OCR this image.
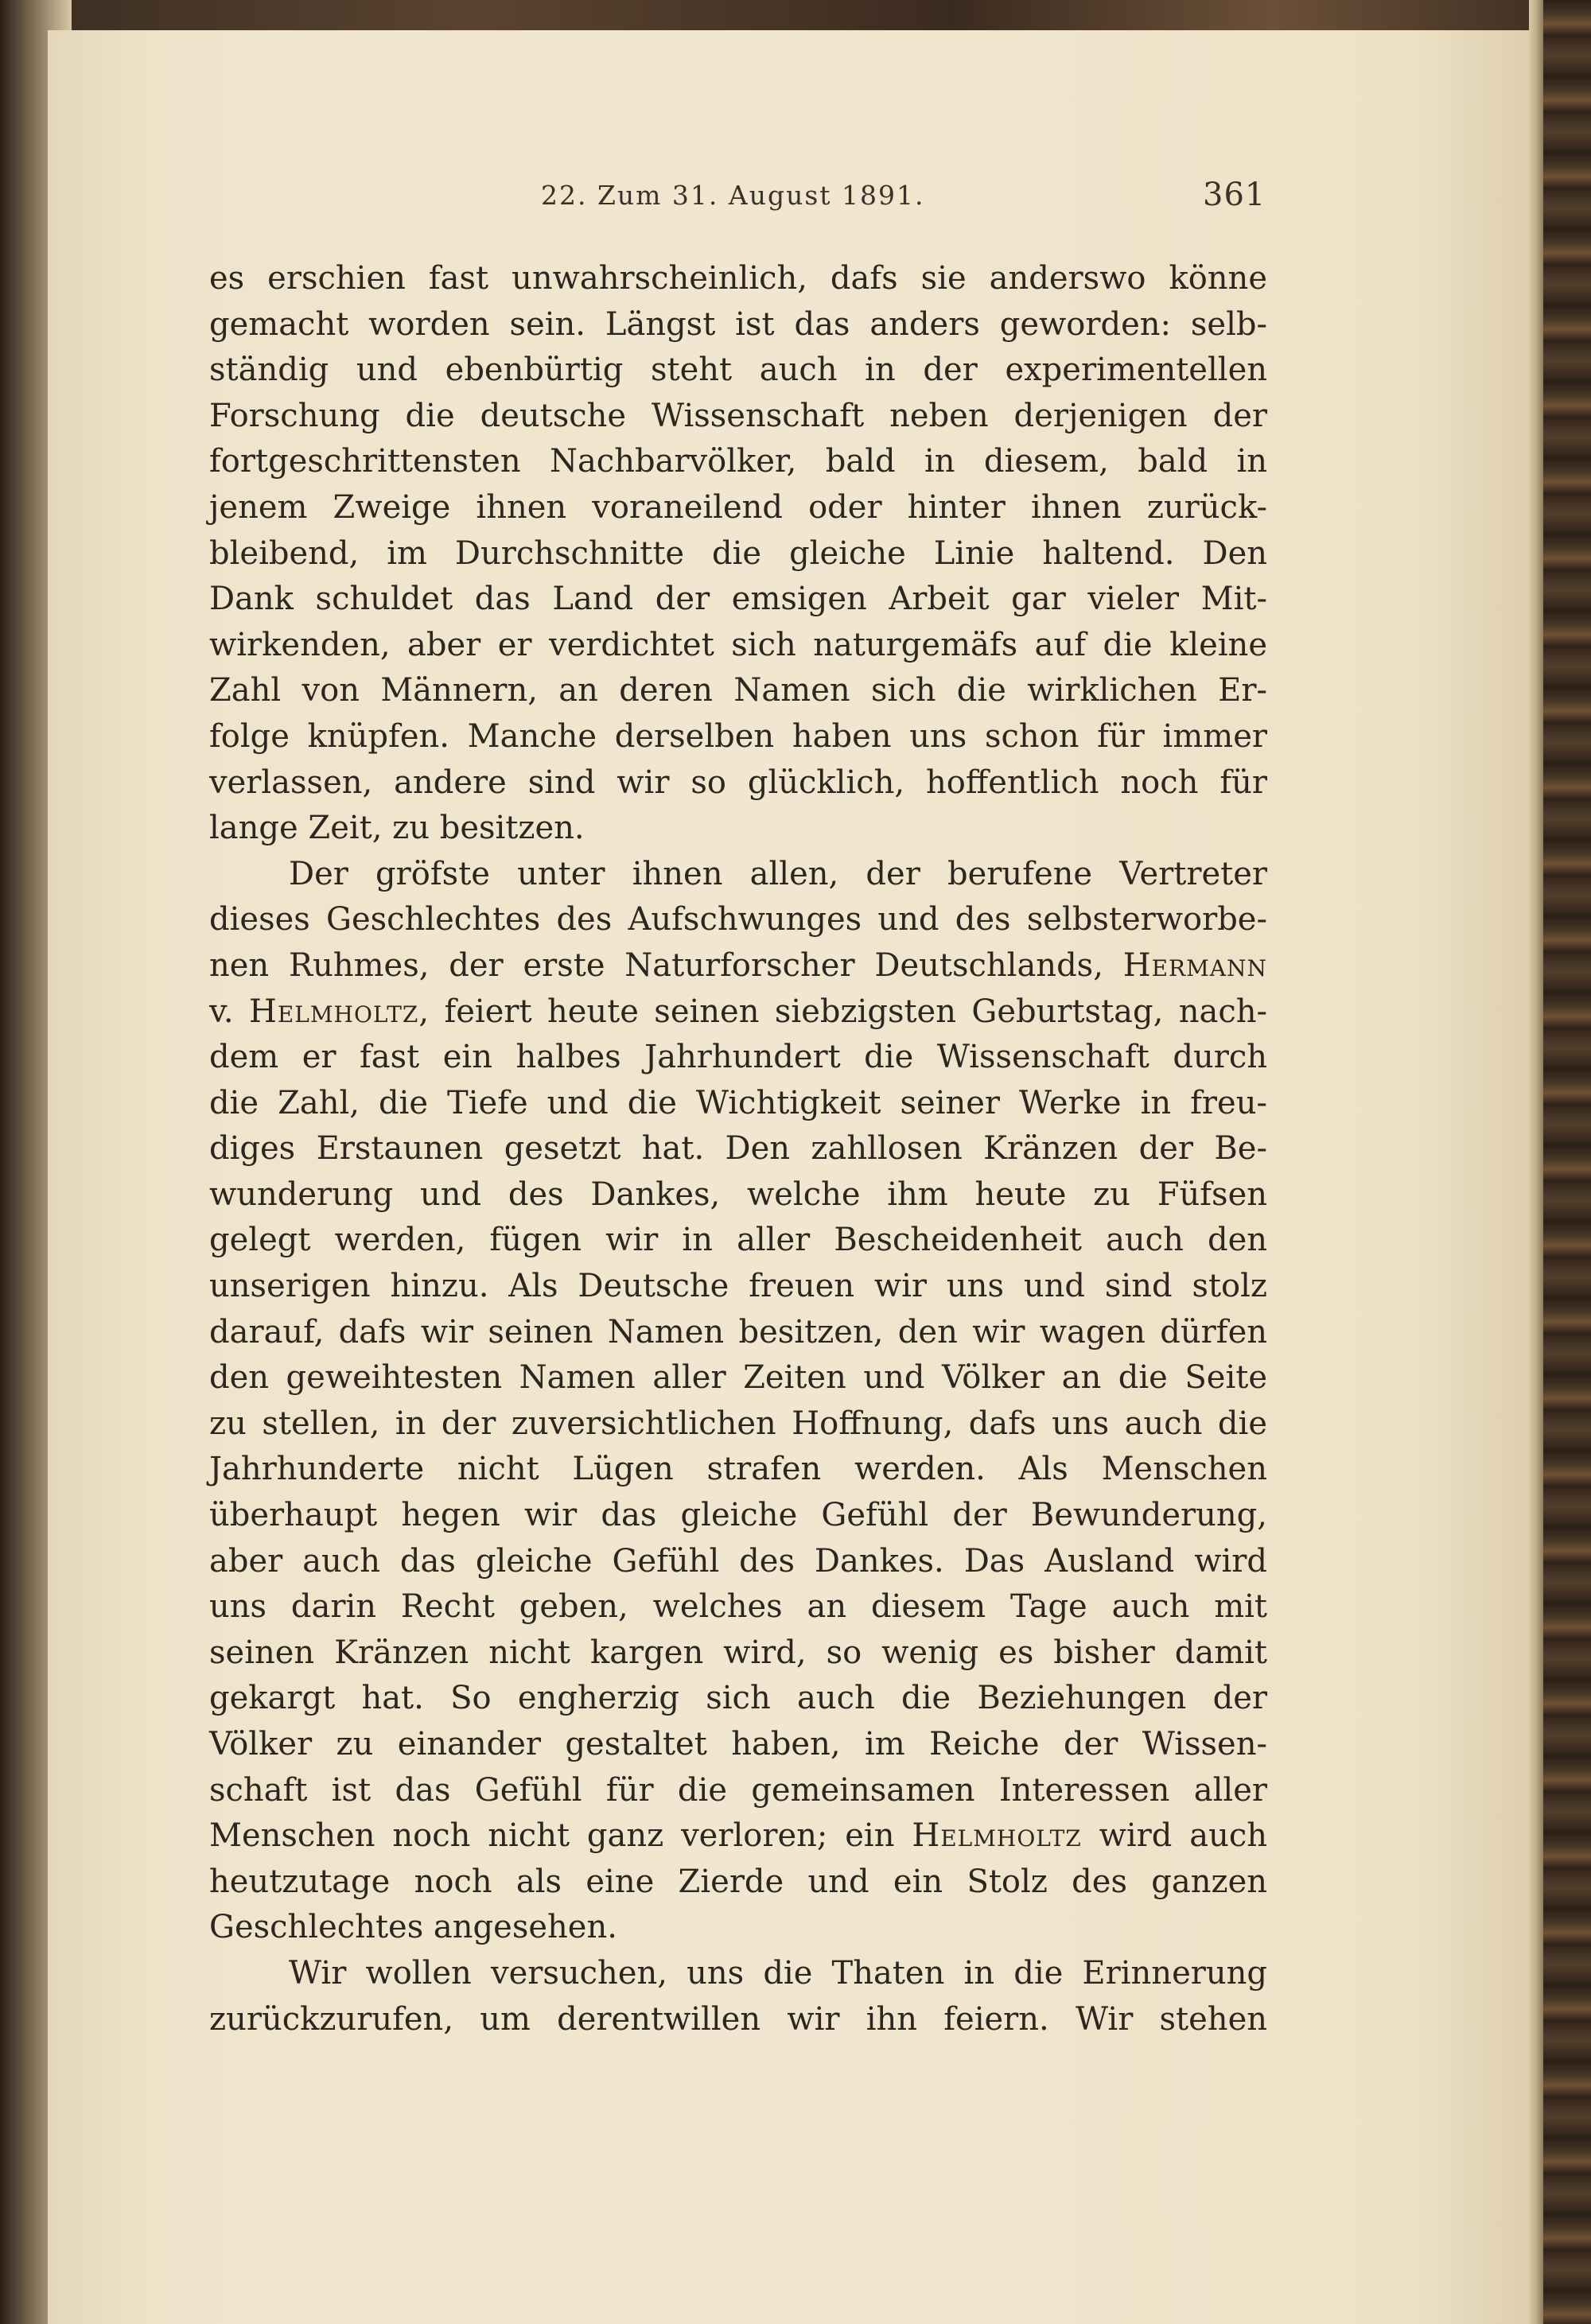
22. Zum 31. August 1891.	361
es erschien fast unwahrscheinlich, dafs sie anderswo könne
gemacht worden sein. Längst ist das anders geworden: selb-
ständig und ebenbürtig steht auch in der experimentellen
Forschung die deutsche Wissenschaft neben derjenigen der
fortgeschrittensten Nachbarvölker, bald in diesem, bald in
jenem Zweige ihnen voraneilend oder hinter ihnen zurück-
bleibend, im Durchschnitte die gleiche Linie haltend. Den
Dank schuldet das Land der emsigen Arbeit gar vieler Mit-
wirkenden, aber er verdichtet sich naturgemäfs auf die kleine
Zahl von Männern, an deren Namen sich die wirklichen Er-
folge knüpfen. Manche derselben haben uns schon für immer
verlassen, andere sind wir so glücklich, hoffentlich noch für
lange Zeit, zu besitzen.
Der gröfste unter ihnen allen, der berufene Vertreter
dieses Geschlechtes des Aufschwunges und des selbsterworbe-
nen Ruhmes, der erste Naturforscher Deutschlands, Hermann
v. Helmholtz, feiert heute seinen siebzigsten Geburtstag, nach-
dem er fast ein halbes Jahrhundert die Wissenschaft durch
die Zahl, die Tiefe und die Wichtigkeit seiner Werke in freu-
diges Erstaunen gesetzt hat. Den zahllosen Kränzen der Be-
wunderung und des Dankes, welche ihm heute zu Füfsen
gelegt werden, fügen wir in aller Bescheidenheit auch den
unserigen hinzu. Als Deutsche freuen wir uns und sind stolz
darauf, dafs wir seinen Namen besitzen, den wir wagen dürfen
den geweihtesten Namen aller Zeiten und Völker an die Seite
zu stellen, in der zuversichtlichen Hoffnung, dafs uns auch die
Jahrhunderte nicht Lügen strafen werden. Als Menschen
überhaupt hegen wir das gleiche Gefühl der Bewunderung,
aber auch das gleiche Gefühl des Dankes. Das Ausland wird
uns darin Recht geben, welches an diesem Tage auch mit
seinen Kränzen nicht kargen wird, so wenig es bisher damit
gekargt hat. So engherzig sich auch die Beziehungen der
Völker zu einander gestaltet haben, im Reiche der Wissen-
schaft ist das Gefühl für die gemeinsamen Interessen aller
Menschen noch nicht ganz verloren; ein Helmholtz wird auch
heutzutage noch als eine Zierde und ein Stolz des ganzen
Geschlechtes angesehen.
Wir wollen versuchen, uns die Thaten in die Erinnerung
zurückzurufen, um derentwillen wir ihn feiern. Wir stehen
